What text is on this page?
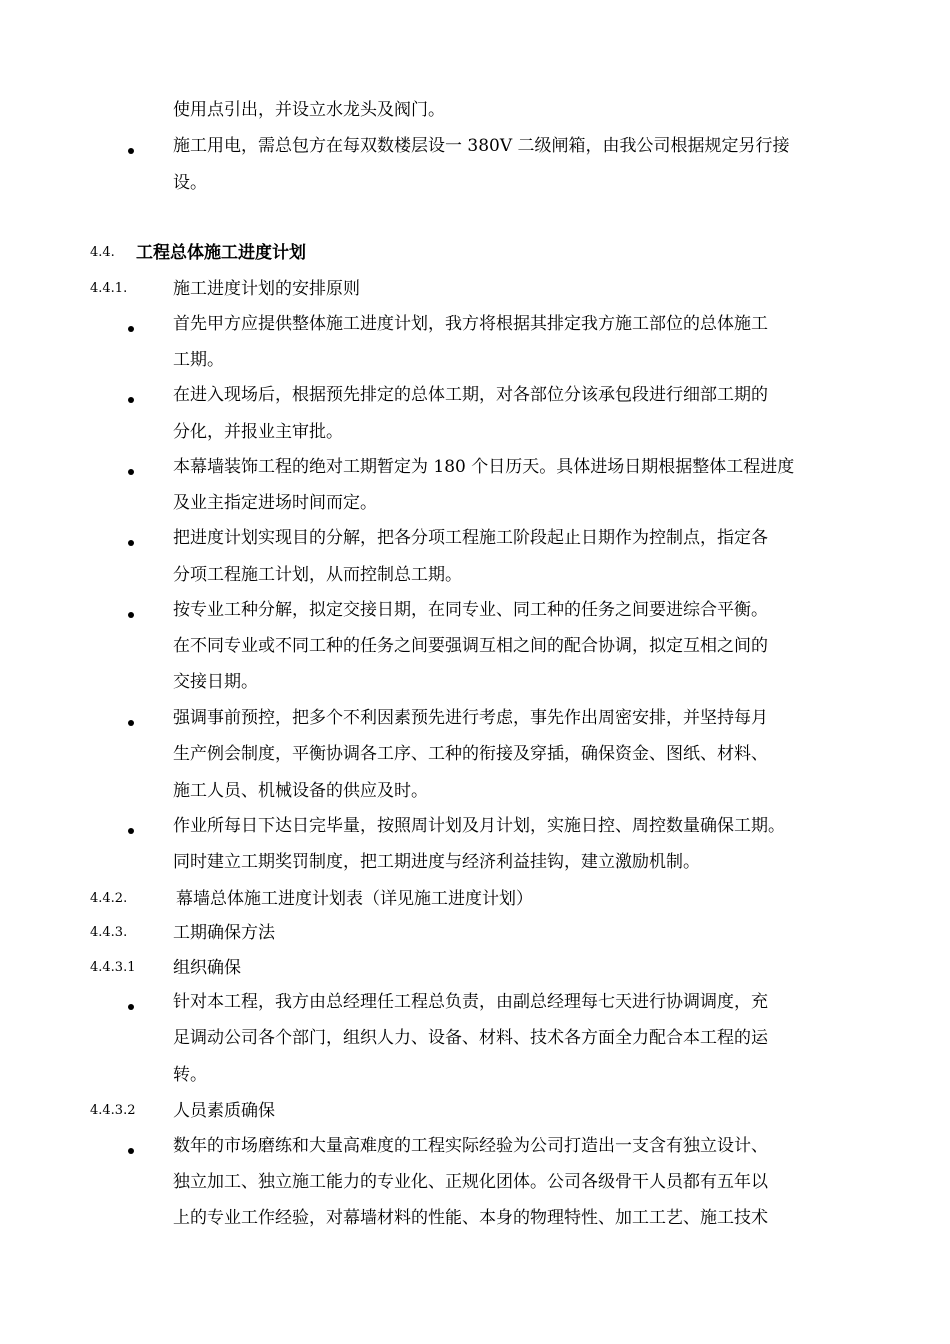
使用点引出，并设立水龙头及阀门。
施工用电，需总包方在每双数楼层设一 380V 二级闸箱，由我公司根据规定另行接
设。
4.4. 工程总体施工进度计划
4.4.1.	施工进度计划的安排原则
首先甲方应提供整体施工进度计划，我方将根据其排定我方施工部位的总体施工
工期。
在进入现场后，根据预先排定的总体工期，对各部位分该承包段进行细部工期的
分化，并报业主审批。
本幕墙装饰工程的绝对工期暂定为 180 个日历天。具体进场日期根据整体工程进度
及业主指定进场时间而定。
把进度计划实现目的分解，把各分项工程施工阶段起止日期作为控制点，指定各
分项工程施工计划，从而控制总工期。
按专业工种分解，拟定交接日期，在同专业、同工种的任务之间要进综合平衡。
在不同专业或不同工种的任务之间要强调互相之间的配合协调，拟定互相之间的
交接日期。
强调事前预控，把多个不利因素预先进行考虑，事先作出周密安排，并坚持每月
生产例会制度，平衡协调各工序、工种的衔接及穿插，确保资金、图纸、材料、
施工人员、机械设备的供应及时。
作业所每日下达日完毕量，按照周计划及月计划，实施日控、周控数量确保工期。
同时建立工期奖罚制度，把工期进度与经济利益挂钩，建立激励机制。
4.4.2.	幕墙总体施工进度计划表（详见施工进度计划）
4.4.3.	工期确保方法
4.4.3.1 组织确保
针对本工程，我方由总经理任工程总负责，由副总经理每七天进行协调调度，充
足调动公司各个部门，组织人力、设备、材料、技术各方面全力配合本工程的运
转。
4.4.3.2 人员素质确保
数年的市场磨练和大量高难度的工程实际经验为公司打造出一支含有独立设计、
独立加工、独立施工能力的专业化、正规化团体。公司各级骨干人员都有五年以
上的专业工作经验，对幕墙材料的性能、本身的物理特性、加工工艺、施工技术
